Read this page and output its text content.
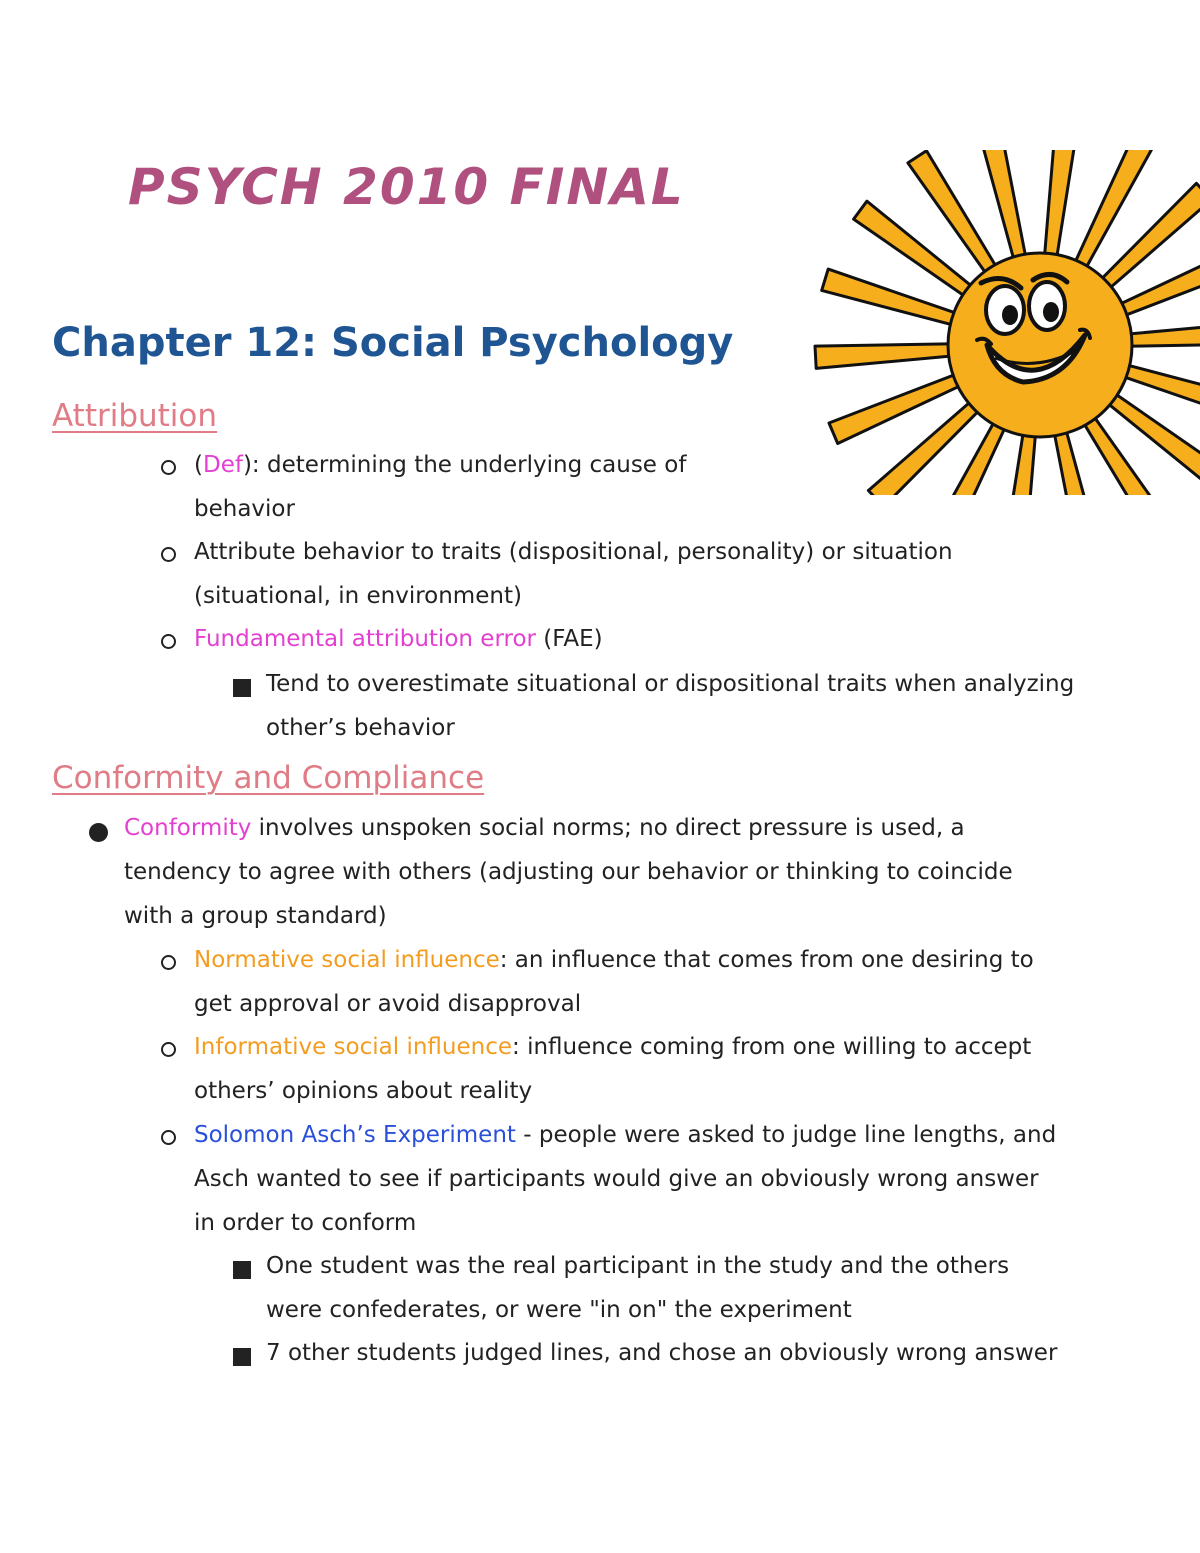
PSYCH 2010 FINAL
Chapter 12: Social Psychology
Attribution
(Def): determining the underlying cause of
behavior
Attribute behavior to traits (dispositional, personality) or situation
(situational, in environment)
Fundamental attribution error (FAE)
Tend to overestimate situational or dispositional traits when analyzing
other’s behavior
Conformity and Compliance
Conformity involves unspoken social norms; no direct pressure is used, a
tendency to agree with others (adjusting our behavior or thinking to coincide
with a group standard)
Normative social influence: an influence that comes from one desiring to
get approval or avoid disapproval
Informative social influence: influence coming from one willing to accept
others’ opinions about reality
Solomon Asch’s Experiment - people were asked to judge line lengths, and
Asch wanted to see if participants would give an obviously wrong answer
in order to conform
One student was the real participant in the study and the others
were confederates, or were "in on" the experiment
7 other students judged lines, and chose an obviously wrong answer
